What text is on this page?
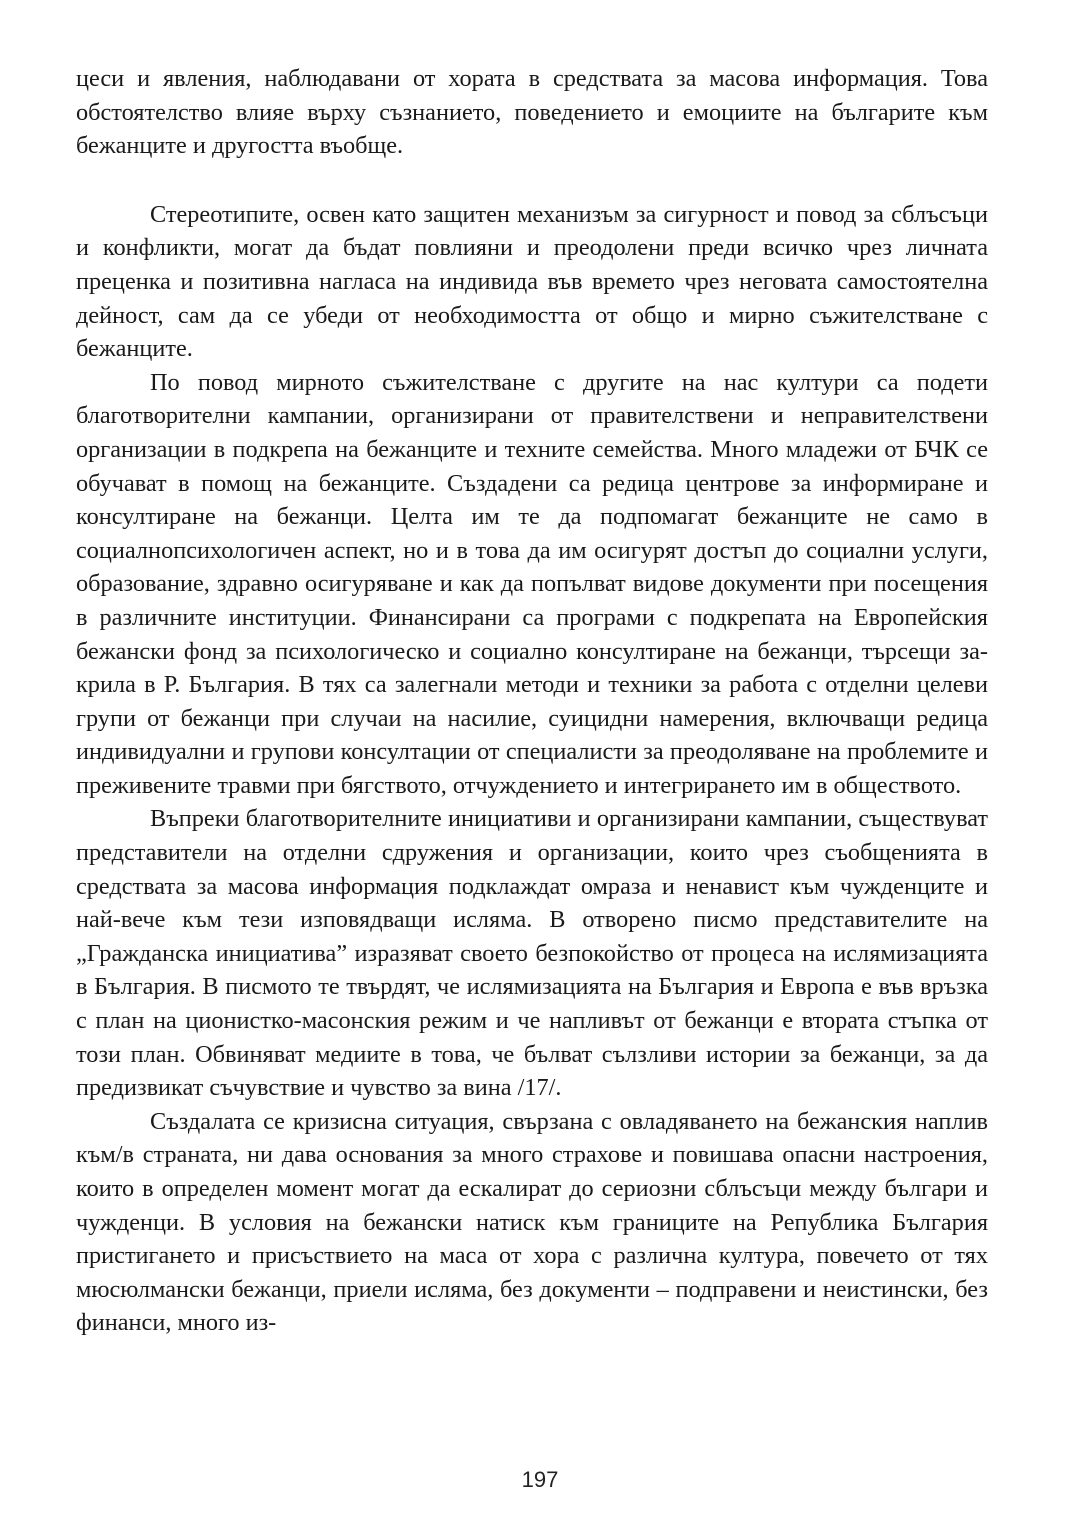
цеси и явления, наблюдавани от хората в средствата за масова информация. Това обстоятелство влияе върху съзнанието, поведението и емоциите на българите към бежанците и другостта въобще.

Стереотипите, освен като защитен механизъм за сигурност и повод за сблъсъци и конфликти, могат да бъдат повлияни и преодолени преди всичко чрез личната преценка и позитивна нагласа на индивида във времето чрез неговата самостоятелна дейност, сам да се убеди от необходимостта от общо и мирно съжителстване с бежанците.

По повод мирното съжителстване с другите на нас култури са подети благотворителни кампании, организирани от правителствени и неправителствени организации в подкрепа на бежанците и техните семейства. Много младежи от БЧК се обучават в помощ на бежанците. Създадени са редица центрове за информиране и консултиране на бежанци. Целта им те да подпомагат бежанците не само в социалнопсихологичен аспект, но и в това да им осигурят достъп до социални услуги, образование, здравно осигуряване и как да попълват видове документи при посещения в различните институции. Финансирани са програми с подкрепата на Европейския бежански фонд за психологическо и социално консултиране на бежанци, търсещи закрила в Р. България. В тях са залегнали методи и техники за работа с отделни целеви групи от бежанци при случаи на насилие, суицидни намерения, включващи редица индивидуални и групови консултации от специалисти за преодоляване на проблемите и преживените травми при бягството, отчуждението и интегрирането им в обществото.

Въпреки благотворителните инициативи и организирани кампании, съществуват представители на отделни сдружения и организации, които чрез съобщенията в средствата за масова информация подклаждат омраза и ненавист към чужденците и най-вече към тези изповядващи исляма. В отворено писмо представителите на „Гражданска инициатива” изразяват своето безпокойство от процеса на ислямизацията в България. В писмото те твърдят, че ислямизацията на България и Европа е във връзка с план на ционистко-масонския режим и че напливът от бежанци е втората стъпка от този план. Обвиняват медиите в това, че бълват сълзливи истории за бежанци, за да предизвикат съчувствие и чувство за вина /17/.

Създалата се кризисна ситуация, свързана с овладяването на бежанския наплив към/в страната, ни дава основания за много страхове и повишава опасни настроения, които в определен момент могат да ескалират до сериозни сблъсъци между българи и чужденци. В условия на бежански натиск към границите на Република България пристигането и присъствието на маса от хора с различна култура, повечето от тях мюсюлмански бежанци, приели исляма, без документи – подправени и неистински, без финанси, много из-

197
